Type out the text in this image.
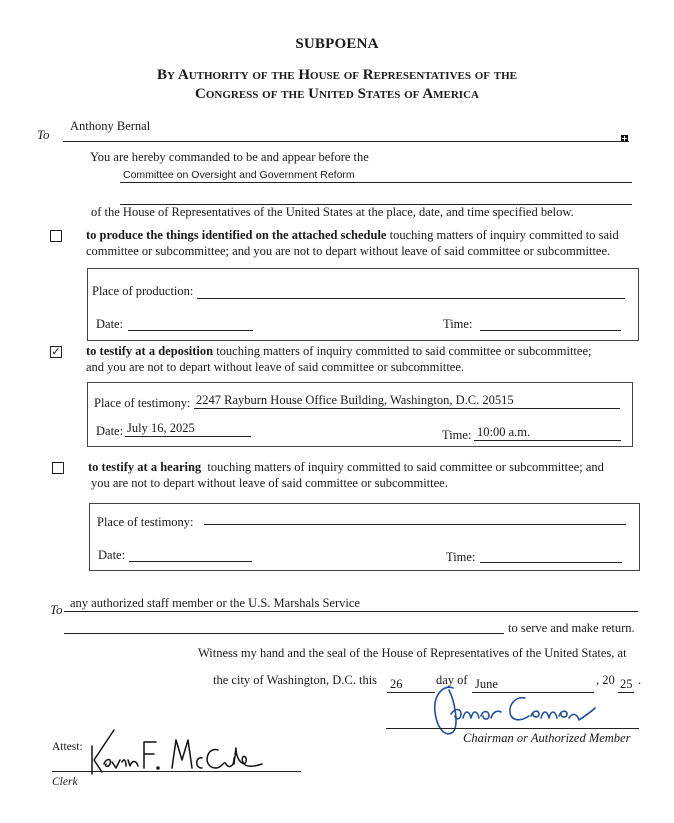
SUBPOENA
By Authority of the House of Representatives of the
Congress of the United States of America
To
Anthony Bernal
+
You are hereby commanded to be and appear before the
Committee on Oversight and Government Reform
of the House of Representatives of the United States at the place, date, and time specified below.
to produce the things identified on the attached schedule touching matters of inquiry committed to said
committee or subcommittee; and you are not to depart without leave of said committee or subcommittee.
Place of production:
Date:	Time:
✓ to testify at a deposition touching matters of inquiry committed to said committee or subcommittee;
and you are not to depart without leave of said committee or subcommittee.
Place of testimony: 2247 Rayburn House Office Building, Washington, D.C. 20515
Date: July 16, 2025	Time: 10:00 a.m.
to testify at a hearing  touching matters of inquiry committed to said committee or subcommittee; and
you are not to depart without leave of said committee or subcommittee.
Place of testimony:
Date:	Time:
To any authorized staff member or the U.S. Marshals Service
to serve and make return.
Witness my hand and the seal of the House of Representatives of the United States, at
the city of Washington, D.C. this 26	day of June	, 20 25 .
Chairman or Authorized Member
Attest:
Clerk
